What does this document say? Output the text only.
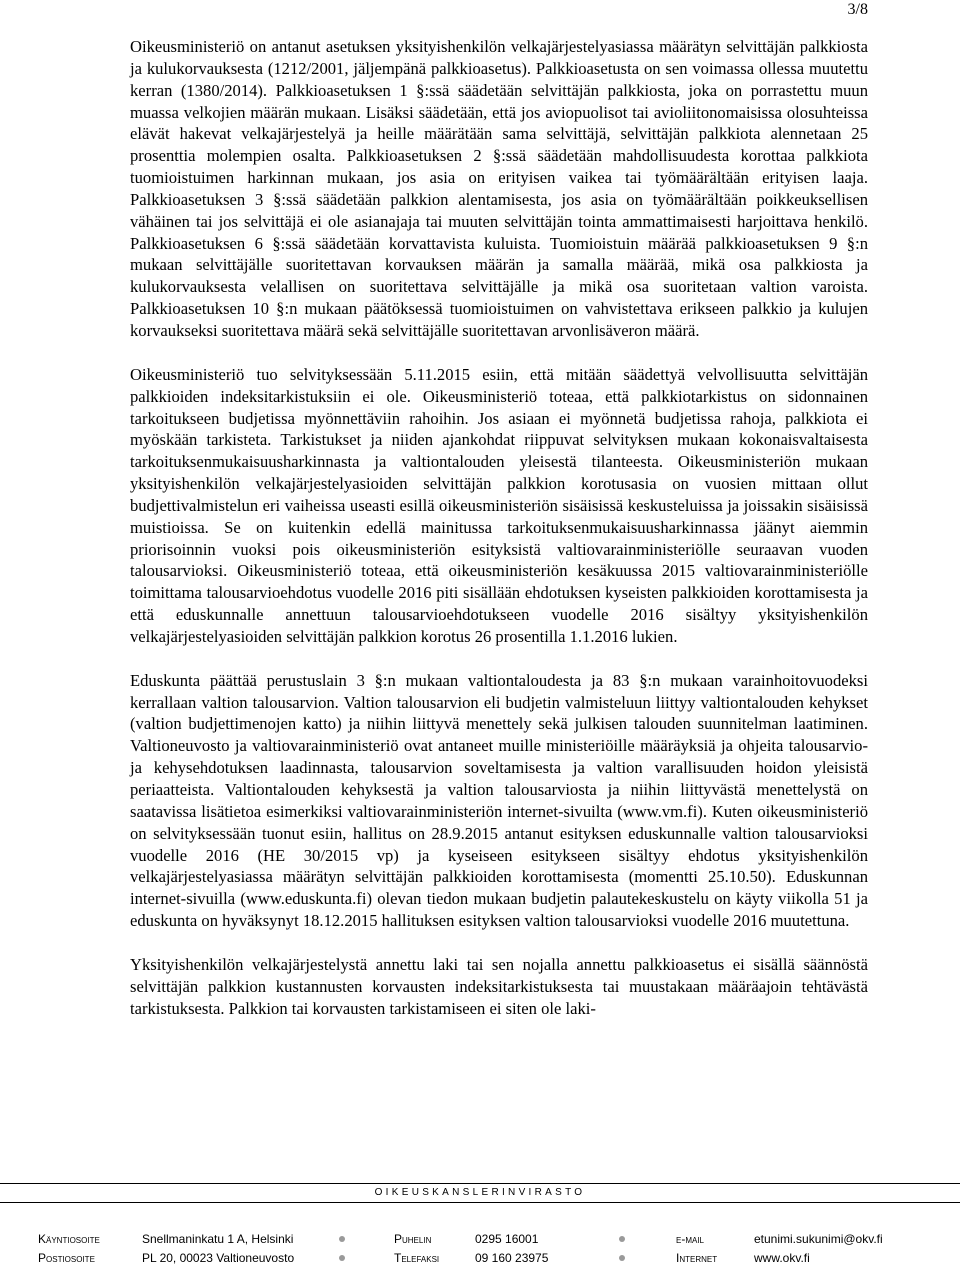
3/8

Oikeusministeriö on antanut asetuksen yksityishenkilön velkajärjestelyasiassa määrätyn selvittäjän palkkiosta ja kulukorvauksesta (1212/2001, jäljempänä palkkioasetus). Palkkioasetusta on sen voimassa ollessa muutettu kerran (1380/2014). Palkkioasetuksen 1 §:ssä säädetään selvittäjän palkkiosta, joka on porrastettu muun muassa velkojien määrän mukaan. Lisäksi säädetään, että jos aviopuolisot tai avioliitonomaisissa olosuhteissa elävät hakevat velkajärjestelyä ja heille määrätään sama selvittäjä, selvittäjän palkkiota alennetaan 25 prosenttia molempien osalta. Palkkioasetuksen 2 §:ssä säädetään mahdollisuudesta korottaa palkkiota tuomioistuimen harkinnan mukaan, jos asia on erityisen vaikea tai työmäärältään erityisen laaja. Palkkioasetuksen 3 §:ssä säädetään palkkion alentamisesta, jos asia on työmäärältään poikkeuksellisen vähäinen tai jos selvittäjä ei ole asianajaja tai muuten selvittäjän tointa ammattimaisesti harjoittava henkilö. Palkkioasetuksen 6 §:ssä säädetään korvattavista kuluista. Tuomioistuin määrää palkkioasetuksen 9 §:n mukaan selvittäjälle suoritettavan korvauksen määrän ja samalla määrää, mikä osa palkkiosta ja kulukorvauksesta velallisen on suoritettava selvittäjälle ja mikä osa suoritetaan valtion varoista. Palkkioasetuksen 10 §:n mukaan päätöksessä tuomioistuimen on vahvistettava erikseen palkkio ja kulujen korvaukseksi suoritettava määrä sekä selvittäjälle suoritettavan arvonlisäveron määrä.

Oikeusministeriö tuo selvityksessään 5.11.2015 esiin, että mitään säädettyä velvollisuutta selvittäjän palkkioiden indeksitarkistuksiin ei ole. Oikeusministeriö toteaa, että palkkiotarkistus on sidonnainen tarkoitukseen budjetissa myönnettäviin rahoihin. Jos asiaan ei myönnetä budjetissa rahoja, palkkiota ei myöskään tarkisteta. Tarkistukset ja niiden ajankohdat riippuvat selvityksen mukaan kokonaisvaltaisesta tarkoituksenmukaisuusharkinnasta ja valtiontalouden yleisestä tilanteesta. Oikeusministeriön mukaan yksityishenkilön velkajärjestelyasioiden selvittäjän palkkion korotusasia on vuosien mittaan ollut budjettivalmistelun eri vaiheissa useasti esillä oikeusministeriön sisäisissä keskusteluissa ja joissakin sisäisissä muistioissa. Se on kuitenkin edellä mainitussa tarkoituksenmukaisuusharkinnassa jäänyt aiemmin priorisoinnin vuoksi pois oikeusministeriön esityksistä valtiovarainministeriölle seuraavan vuoden talousarvioksi. Oikeusministeriö toteaa, että oikeusministeriön kesäkuussa 2015 valtiovarainministeriölle toimittama talousarvioehdotus vuodelle 2016 piti sisällään ehdotuksen kyseisten palkkioiden korottamisesta ja että eduskunnalle annettuun talousarvioehdotukseen vuodelle 2016 sisältyy yksityishenkilön velkajärjestelyasioiden selvittäjän palkkion korotus 26 prosentilla 1.1.2016 lukien.

Eduskunta päättää perustuslain 3 §:n mukaan valtiontaloudesta ja 83 §:n mukaan varainhoitovuodeksi kerrallaan valtion talousarvion. Valtion talousarvion eli budjetin valmisteluun liittyy valtiontalouden kehykset (valtion budjettimenojen katto) ja niihin liittyvä menettely sekä julkisen talouden suunnitelman laatiminen. Valtioneuvosto ja valtiovarainministeriö ovat antaneet muille ministeriöille määräyksiä ja ohjeita talousarvio- ja kehysehdotuksen laadinnasta, talousarvion soveltamisesta ja valtion varallisuuden hoidon yleisistä periaatteista. Valtiontalouden kehyksestä ja valtion talousarviosta ja niihin liittyvästä menettelystä on saatavissa lisätietoa esimerkiksi valtiovarainministeriön internet-sivuilta (www.vm.fi). Kuten oikeusministeriö on selvityksessään tuonut esiin, hallitus on 28.9.2015 antanut esityksen eduskunnalle valtion talousarvioksi vuodelle 2016 (HE 30/2015 vp) ja kyseiseen esitykseen sisältyy ehdotus yksityishenkilön velkajärjestelyasiassa määrätyn selvittäjän palkkioiden korottamisesta (momentti 25.10.50). Eduskunnan internet-sivuilla (www.eduskunta.fi) olevan tiedon mukaan budjetin palautekeskustelu on käyty viikolla 51 ja eduskunta on hyväksynyt 18.12.2015 hallituksen esityksen valtion talousarvioksi vuodelle 2016 muutettuna.

Yksityishenkilön velkajärjestelystä annettu laki tai sen nojalla annettu palkkioasetus ei sisällä säännöstä selvittäjän palkkion kustannusten korvausten indeksitarkistuksesta tai muustakaan määräajoin tehtävästä tarkistuksesta. Palkkion tai korvausten tarkistamiseen ei siten ole laki-

OIKEUSKANSLERINVIRASTO
Käyntiosoite	Snellmaninkatu 1 A, Helsinki	Puhelin	0295 16001	e-mail	etunimi.sukunimi@okv.fi
Postiosoite	PL 20, 00023 Valtioneuvosto	Telefaksi	09 160 23975	Internet	www.okv.fi
